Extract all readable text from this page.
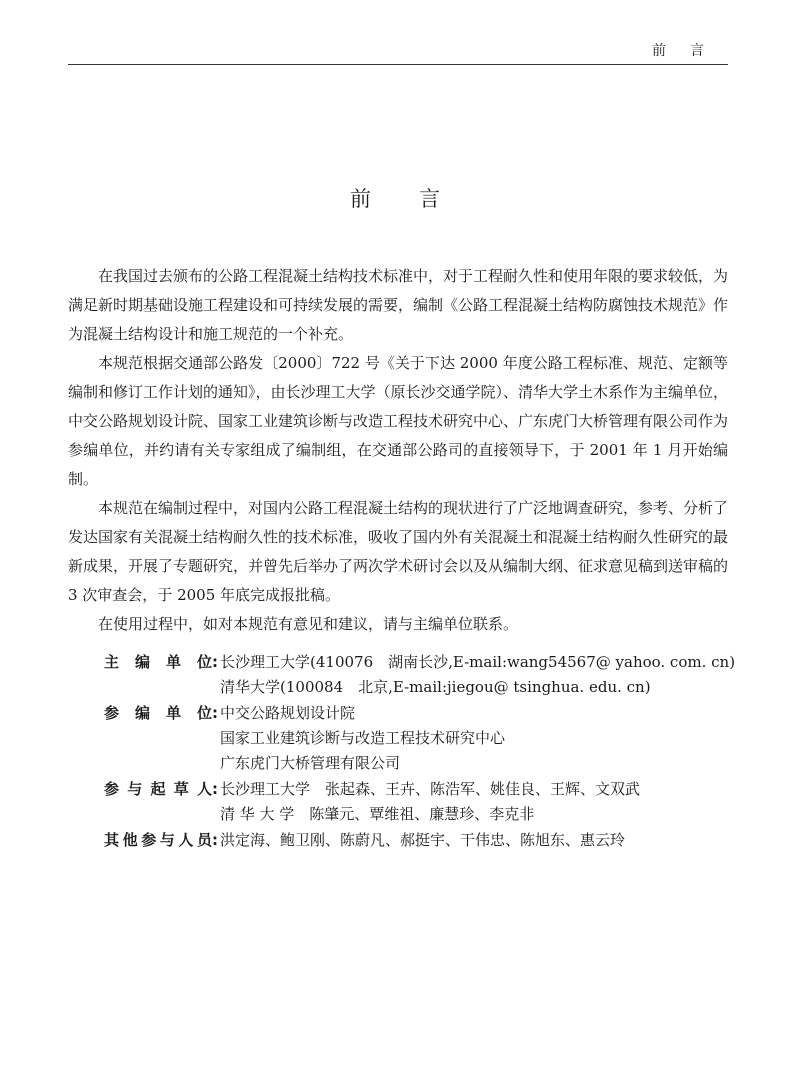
前言
前言

在我国过去颁布的公路工程混凝土结构技术标准中，对于工程耐久性和使用年限的要求较低，为满足新时期基础设施工程建设和可持续发展的需要，编制《公路工程混凝土结构防腐蚀技术规范》作为混凝土结构设计和施工规范的一个补充。

本规范根据交通部公路发〔2000〕722 号《关于下达 2000 年度公路工程标准、规范、定额等编制和修订工作计划的通知》，由长沙理工大学（原长沙交通学院）、清华大学土木系作为主编单位，中交公路规划设计院、国家工业建筑诊断与改造工程技术研究中心、广东虎门大桥管理有限公司作为参编单位，并约请有关专家组成了编制组，在交通部公路司的直接领导下，于 2001 年 1 月开始编制。

本规范在编制过程中，对国内公路工程混凝土结构的现状进行了广泛地调查研究，参考、分析了发达国家有关混凝土结构耐久性的技术标准，吸收了国内外有关混凝土和混凝土结构耐久性研究的最新成果，开展了专题研究，并曾先后举办了两次学术研讨会以及从编制大纲、征求意见稿到送审稿的 3 次审查会，于 2005 年底完成报批稿。

在使用过程中，如对本规范有意见和建议，请与主编单位联系。

主编单位 : 长沙理工大学(410076　湖南长沙,E-mail:wang54567@ yahoo. com. cn)
清华大学(100084　北京,E-mail:jiegou@ tsinghua. edu. cn)
参编单位 : 中交公路规划设计院
国家工业建筑诊断与改造工程技术研究中心
广东虎门大桥管理有限公司
参与起草人 : 长沙理工大学　张起森、王卉、陈浩军、姚佳良、王辉、文双武
清 华 大 学　陈肇元、覃维祖、廉慧珍、李克非
其他参与人员 : 洪定海、鲍卫刚、陈蔚凡、郝挺宇、干伟忠、陈旭东、惠云玲
